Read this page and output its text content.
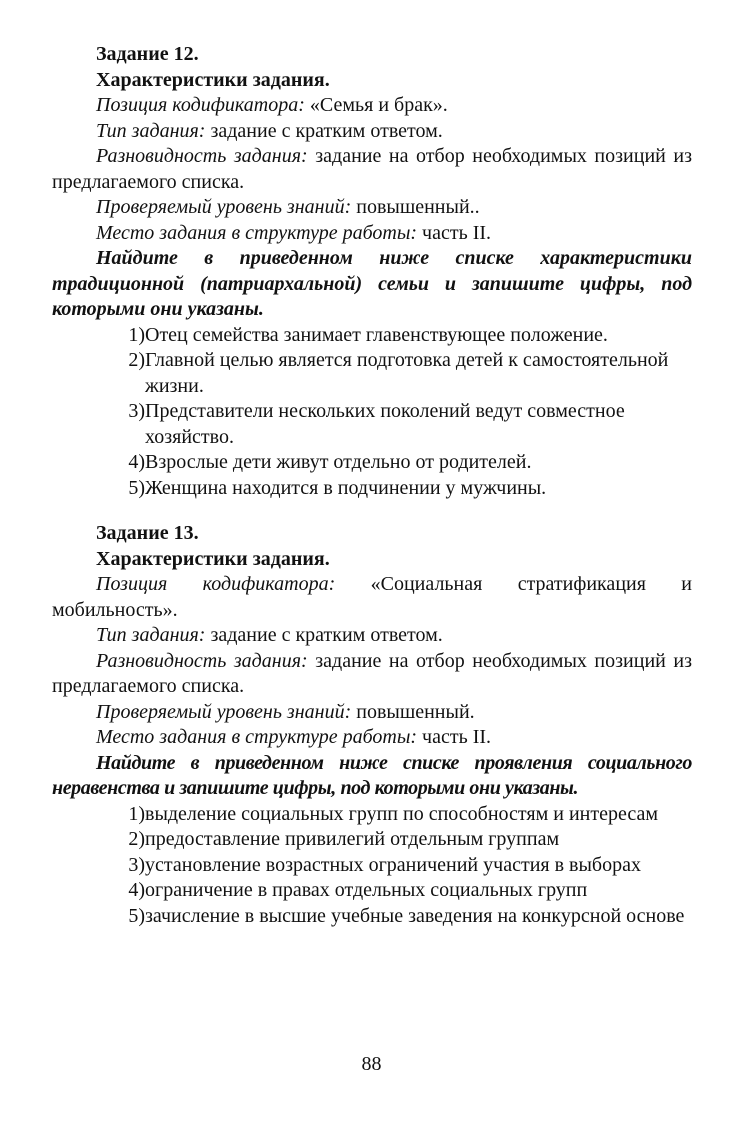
Задание 12.

Характеристики задания.

Позиция кодификатора: «Семья и брак».

Тип задания: задание с кратким ответом.

Разновидность задания: задание на отбор необходимых позиций из предлагаемого списка.

Проверяемый уровень знаний: повышенный..

Место задания в структуре работы: часть II.

Найдите в приведенном ниже списке характеристики традиционной (патриархальной) семьи и запишите цифры, под которыми они указаны.

1) Отец семейства занимает главенствующее положение.
2) Главной целью является подготовка детей к самостоятельной жизни.
3) Представители нескольких поколений ведут совместное хозяйство.
4) Взрослые дети живут отдельно от родителей.
5) Женщина находится в подчинении у мужчины.

Задание 13.

Характеристики задания.

Позиция кодификатора: «Социальная стратификация и мобильность».

Тип задания: задание с кратким ответом.

Разновидность задания: задание на отбор необходимых позиций из предлагаемого списка.

Проверяемый уровень знаний: повышенный.

Место задания в структуре работы: часть II.

Найдите в приведенном ниже списке проявления социального неравенства и запишите цифры, под которыми они указаны.

1) выделение социальных групп по способностям и интересам
2) предоставление привилегий отдельным группам
3) установление возрастных ограничений участия в выборах
4) ограничение в правах отдельных социальных групп
5) зачисление в высшие учебные заведения на конкурсной основе
88
